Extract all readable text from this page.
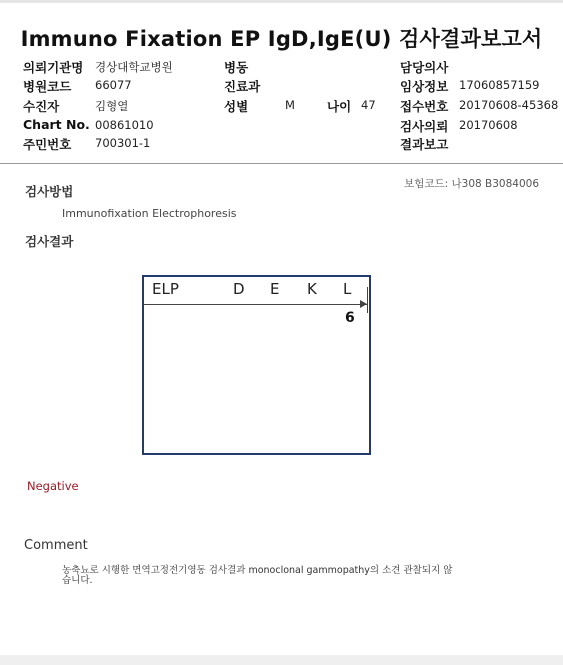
Immuno Fixation EP IgD,IgE(U) 검사결과보고서
의뢰기관명 경상대학교병원
병원코드 66077
수진자	김형열
Chart No. 00861010
주민번호 700301-1
병동
진료과
성별	M	나이 47
담당의사
임상정보 17060857159
접수번호 20170608-45368
검사의뢰 20170608
결과보고
보험코드: 나308 B3084006
검사방법
Immunofixation Electrophoresis
검사결과
ELP	D E K L
6
Negative
Comment
농축뇨로 시행한 면역고정전기영동 검사결과 monoclonal gammopathy의 소견 관찰되지 않
습니다.
